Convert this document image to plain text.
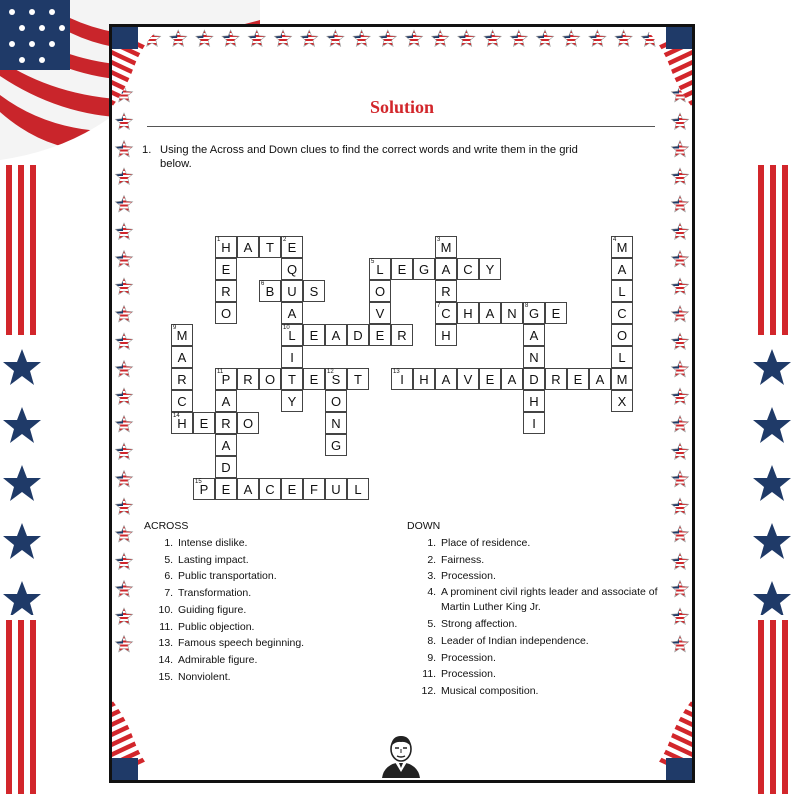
Solution
1. Using the Across and Down clues to find the correct words and write them in the grid below.
1 H A	T	2 E
E
R
O
Q
U
A
10
L
I
T
Y
3 M
A
R
7 C
H
4 M
A
L
C
O
L
M
X
5 L	E G	C Y
O
V
E
6 B	S
H A N	8 G E
A
N
D
H
I
9 M
A
R
C
14
H
E	A D	R
11
P R O	E	12
S	T
A
R
A
D
E
O
N
G
13 I	H A	V	E	A	R E	A
E	O
15
P	A C E	F	U	L
ACROSS
1. Intense dislike.
5. Lasting impact.
6. Public transportation.
7. Transformation.
10. Guiding figure.
11. Public objection.
13. Famous speech beginning.
14. Admirable figure.
15. Nonviolent.
DOWN
1. Place of residence.
2. Fairness.
3. Procession.
4. A prominent civil rights leader and associate of Martin Luther King Jr.
5. Strong affection.
8. Leader of Indian independence.
9. Procession.
11. Procession.
12. Musical composition.
